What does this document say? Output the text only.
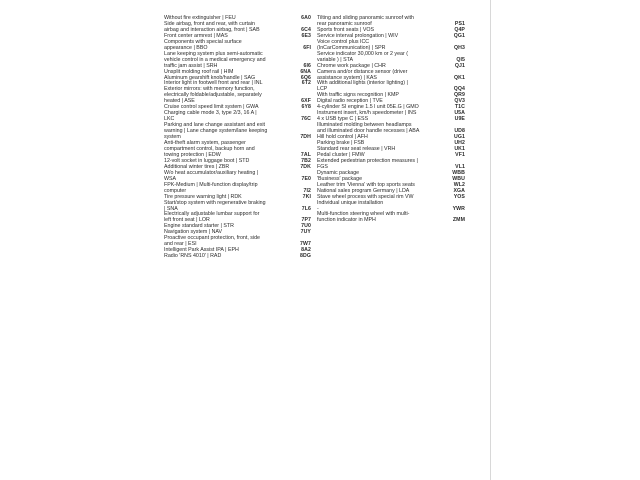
Without fire extinguisher | FEU	6A0
Side airbag, front and rear, with curtain
airbag and interaction airbag, front | SAB	6C4
Front center armrest | MAS	6E3
Components with special surface
appearance | BBO	6FI
Lane keeping system plus semi-automatic
vehicle control in a medical emergency and
traffic jam assist | SRH	6I6
Unsplit molding roof rail | HIM	6NA
Aluminum gearshift knob/handle | SAG	6Q6
Interior light in footwell front and rear | INL	6T2
Exterior mirrors: with memory function,
electrically foldable/adjustable, separately
heated | ASE	6XF
Cruise control speed limit system | GWA	6Y8
Charging cable mode 3, type 2/3, 16 A |
LKC	76C
Parking and lane change assistant and exit
warning | Lane change system/lane keeping
system	7DH
Anti-theft alarm system, passenger
compartment control, backup horn and
towing protection | EDW	7AL
12-volt socket in luggage boot | STD	7B2
Additional winter tires | ZBR	7DK
W/o heat accumulator/auxiliary heating |
WSA	7E0
FPK-Medium | Multi-function display/trip
computer	7I2
Tire pressure warning light | RDK	7KI
Start/stop system with regenerative braking
| SNA	7L6
Electrically adjustable lumbar support for
left front seat | LOR	7P7
Engine standard starter | STR	7U0
Navigation system | NAV	7UY
Proactive occupant protection, front, side
and rear | ESI	7W7
Intelligent Park Assist IPA | EPH	8A2
Radio 'RNS 4010' | RAD	8DG
Tilting and sliding panoramic sunroof with
rear panoramic sunroof	PS1
Sports front seats | VOS	Q4P
Service interval prolongation | WIV	QG1
Voice control plus ICC
(InCarCommunication) | SPR	QH3
Service indicator 30,000 km or 2 year (
variable ) | STA	QI5
Chrome work package | CHR	QJ1
Camera and/or distance sensor (driver
assistance system) | KAS	QK1
With additional lights (interior lighting) |
LCP	QQ4
With traffic signs recognition | KMP	QR9
Digital radio reception | TVE	QV3
4-cylinder SI engine 1.5 l unit 05E.G | GMO	T1C
Instrument insert, km/h speedometer | INS	U5A
4 x USB type C | ESS	U9E
Illuminated molding between headlamps
and illuminated door handle recesses | ABA	UD8
Hill hold control | AFH	UG1
Parking brake | FSB	UH2
Standard rear seat release | VRH	UK1
Pedal cluster | FMW	VF1
Extended pedestrian protection measures |
FGS	VL1
Dynamic package	WBB
'Business' package	WBU
Leather trim 'Vienna' with top sports seats	WL2
National sales program Germany | LDA	XGA
Stave wheel process with special rim VW	YOS
Individual unique installation
-	YWR
Multi-function steering wheel with multi-
function indicator in MPH	ZMM
